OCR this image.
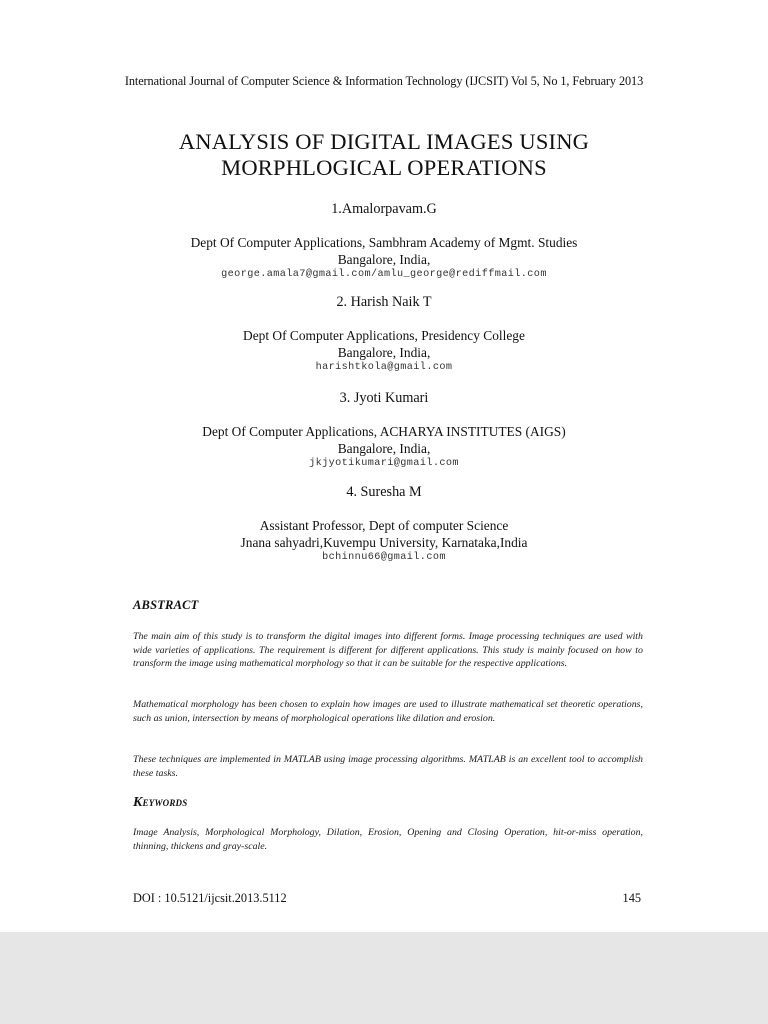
International Journal of Computer Science & Information Technology (IJCSIT) Vol 5, No 1, February 2013
ANALYSIS OF DIGITAL IMAGES USING
MORPHLOGICAL OPERATIONS
1.Amalorpavam.G
Dept Of Computer Applications, Sambhram Academy of Mgmt. Studies
Bangalore, India,
george.amala7@gmail.com/amlu_george@rediffmail.com
2. Harish Naik T
Dept Of Computer Applications, Presidency College
Bangalore, India,
harishtkola@gmail.com
3. Jyoti Kumari
Dept Of Computer Applications, ACHARYA INSTITUTES (AIGS)
Bangalore, India,
jkjyotikumari@gmail.com
4. Suresha M
Assistant Professor, Dept of computer Science
Jnana sahyadri,Kuvempu University, Karnataka,India
bchinnu66@gmail.com
ABSTRACT
The main aim of this study is to transform the digital images into different forms. Image processing techniques are used with wide varieties of applications. The requirement is different for different applications. This study is mainly focused on how to transform the image using mathematical morphology so that it can be suitable for the respective applications.
Mathematical morphology has been chosen to explain how images are used to illustrate mathematical set theoretic operations, such as union, intersection by means of morphological operations like dilation and erosion.
These techniques are implemented in MATLAB using image processing algorithms. MATLAB is an excellent tool to accomplish these tasks.
Keywords
Image Analysis, Morphological Morphology, Dilation, Erosion, Opening and Closing Operation, hit-or-miss operation, thinning, thickens and gray-scale.
DOI : 10.5121/ijcsit.2013.5112	145
